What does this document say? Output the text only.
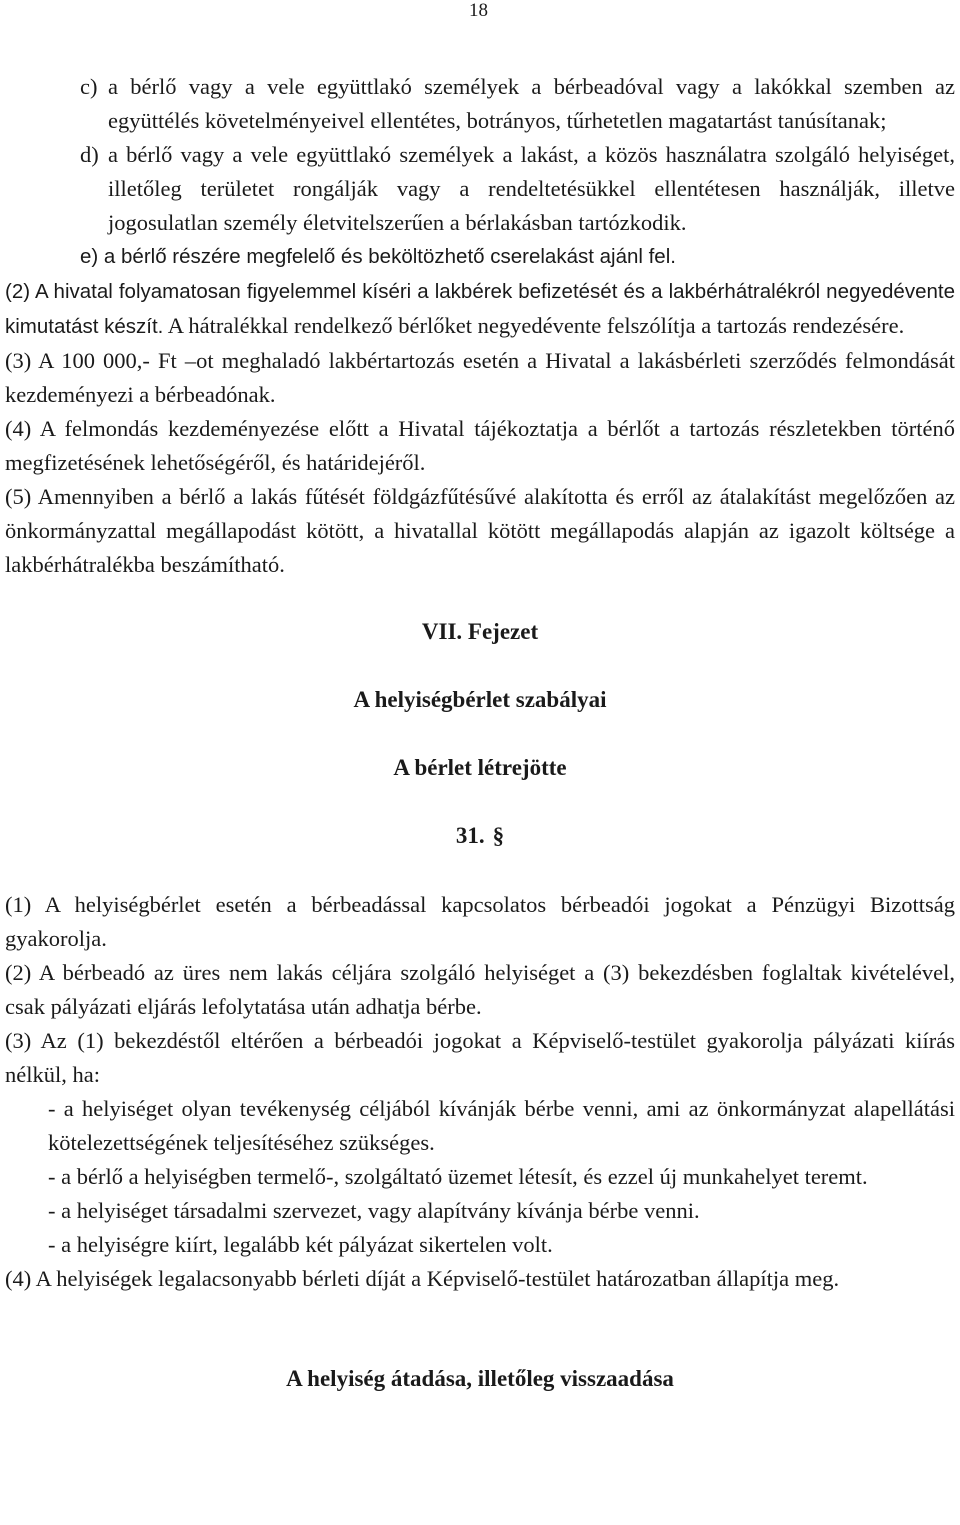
18

c) a bérlő vagy a vele együttlakó személyek a bérbeadóval vagy a lakókkal szemben az együttélés követelményeivel ellentétes, botrányos, tűrhetetlen magatartást tanúsítanak;

d) a bérlő vagy a vele együttlakó személyek a lakást, a közös használatra szolgáló helyiséget, illetőleg területet rongálják vagy a rendeltetésükkel ellentétesen használják, illetve jogosulatlan személy életvitelszerűen a bérlakásban tartózkodik.

e) a bérlő részére megfelelő és beköltözhető cserelakást ajánl fel.

(2) A hivatal folyamatosan figyelemmel kíséri a lakbérek befizetését és a lakbérhátralékról negyedévente kimutatást készít. A hátralékkal rendelkező bérlőket negyedévente felszólítja a tartozás rendezésére.

(3) A 100 000,- Ft –ot meghaladó lakbértartozás esetén a Hivatal a lakásbérleti szerződés felmondását kezdeményezi a bérbeadónak.

(4) A felmondás kezdeményezése előtt a Hivatal tájékoztatja a bérlőt a tartozás részletekben történő megfizetésének lehetőségéről, és határidejéről.

(5) Amennyiben a bérlő a lakás fűtését földgázfűtésűvé alakította és erről az átalakítást megelőzően az önkormányzattal megállapodást kötött, a hivatallal kötött megállapodás alapján az igazolt költsége a lakbérhátralékba beszámítható.

VII. Fejezet

A helyiségbérlet szabályai

A bérlet létrejötte

31. §

(1) A helyiségbérlet esetén a bérbeadással kapcsolatos bérbeadói jogokat a Pénzügyi Bizottság gyakorolja.

(2) A bérbeadó az üres nem lakás céljára szolgáló helyiséget a (3) bekezdésben foglaltak kivételével, csak pályázati eljárás lefolytatása után adhatja bérbe.

(3) Az (1) bekezdéstől eltérően a bérbeadói jogokat a Képviselő-testület gyakorolja pályázati kiírás nélkül, ha:

- a helyiséget olyan tevékenység céljából kívánják bérbe venni, ami az önkormányzat alapellátási kötelezettségének teljesítéséhez szükséges.

- a bérlő a helyiségben termelő-, szolgáltató üzemet létesít, és ezzel új munkahelyet teremt.

- a helyiséget társadalmi szervezet, vagy alapítvány kívánja bérbe venni.

- a helyiségre kiírt, legalább két pályázat sikertelen volt.

(4) A helyiségek legalacsonyabb bérleti díját a Képviselő-testület határozatban állapítja meg.

A helyiség átadása, illetőleg visszaadása
